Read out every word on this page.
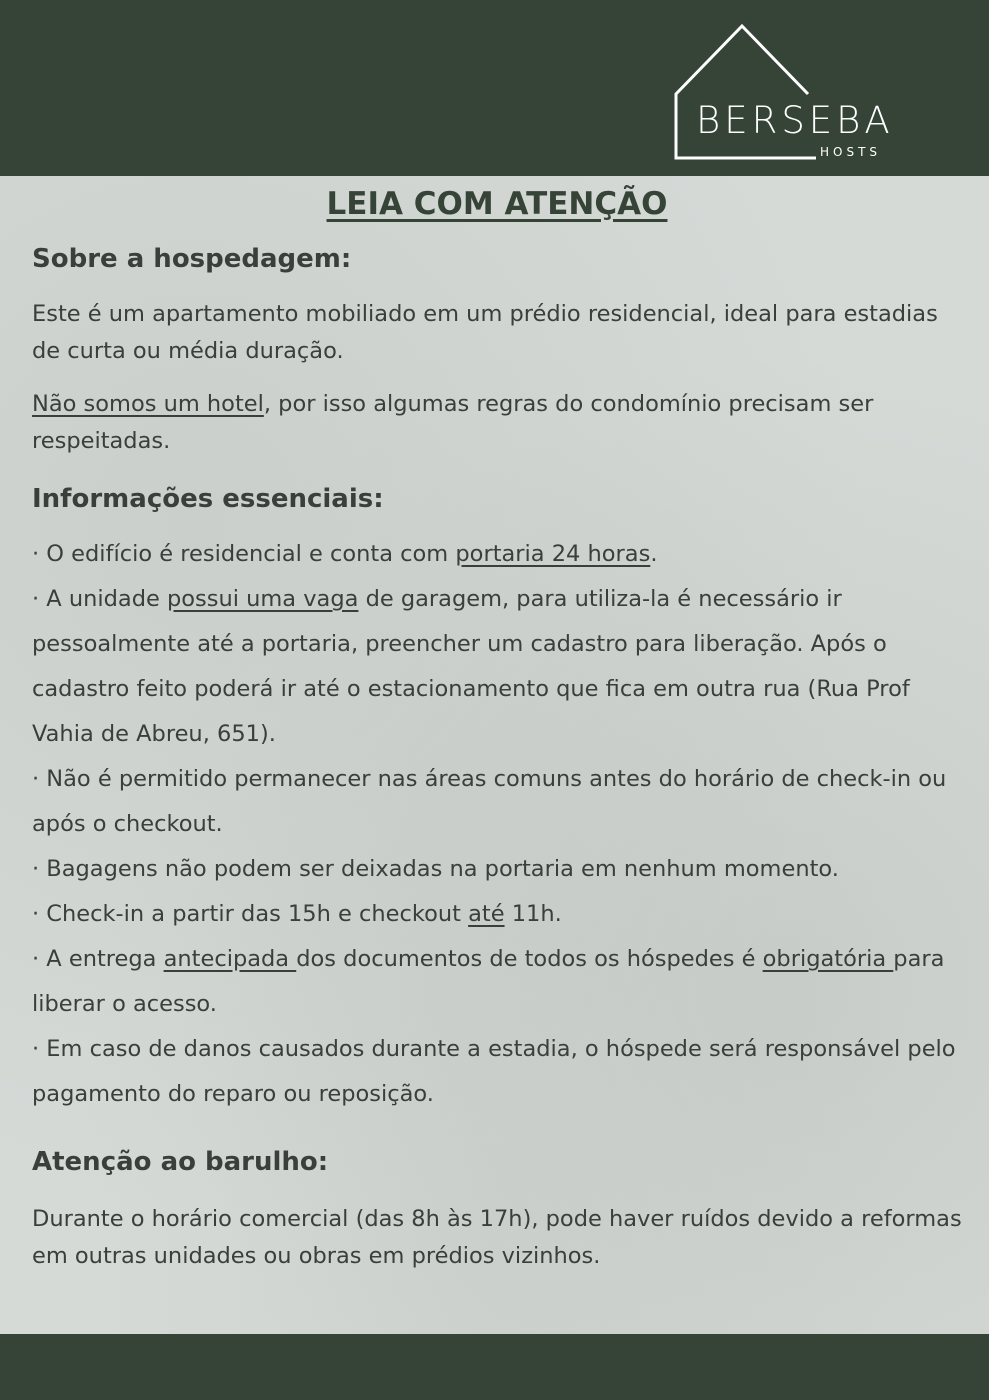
BERSEBA
HOSTS
LEIA COM ATENÇÃO
Sobre a hospedagem:

Este é um apartamento mobiliado em um prédio residencial, ideal para estadias de curta ou média duração.

Não somos um hotel, por isso algumas regras do condomínio precisam ser respeitadas.

Informações essenciais:

· O edifício é residencial e conta com portaria 24 horas.

· A unidade possui uma vaga de garagem, para utiliza-la é necessário ir pessoalmente até a portaria, preencher um cadastro para liberação. Após o cadastro feito poderá ir até o estacionamento que fica em outra rua (Rua Prof Vahia de Abreu, 651).

· Não é permitido permanecer nas áreas comuns antes do horário de check-in ou após o checkout.

· Bagagens não podem ser deixadas na portaria em nenhum momento.

· Check-in a partir das 15h e checkout até 11h.

· A entrega antecipada dos documentos de todos os hóspedes é obrigatória para liberar o acesso.

· Em caso de danos causados durante a estadia, o hóspede será responsável pelo pagamento do reparo ou reposição.

Atenção ao barulho:

Durante o horário comercial (das 8h às 17h), pode haver ruídos devido a reformas em outras unidades ou obras em prédios vizinhos.
